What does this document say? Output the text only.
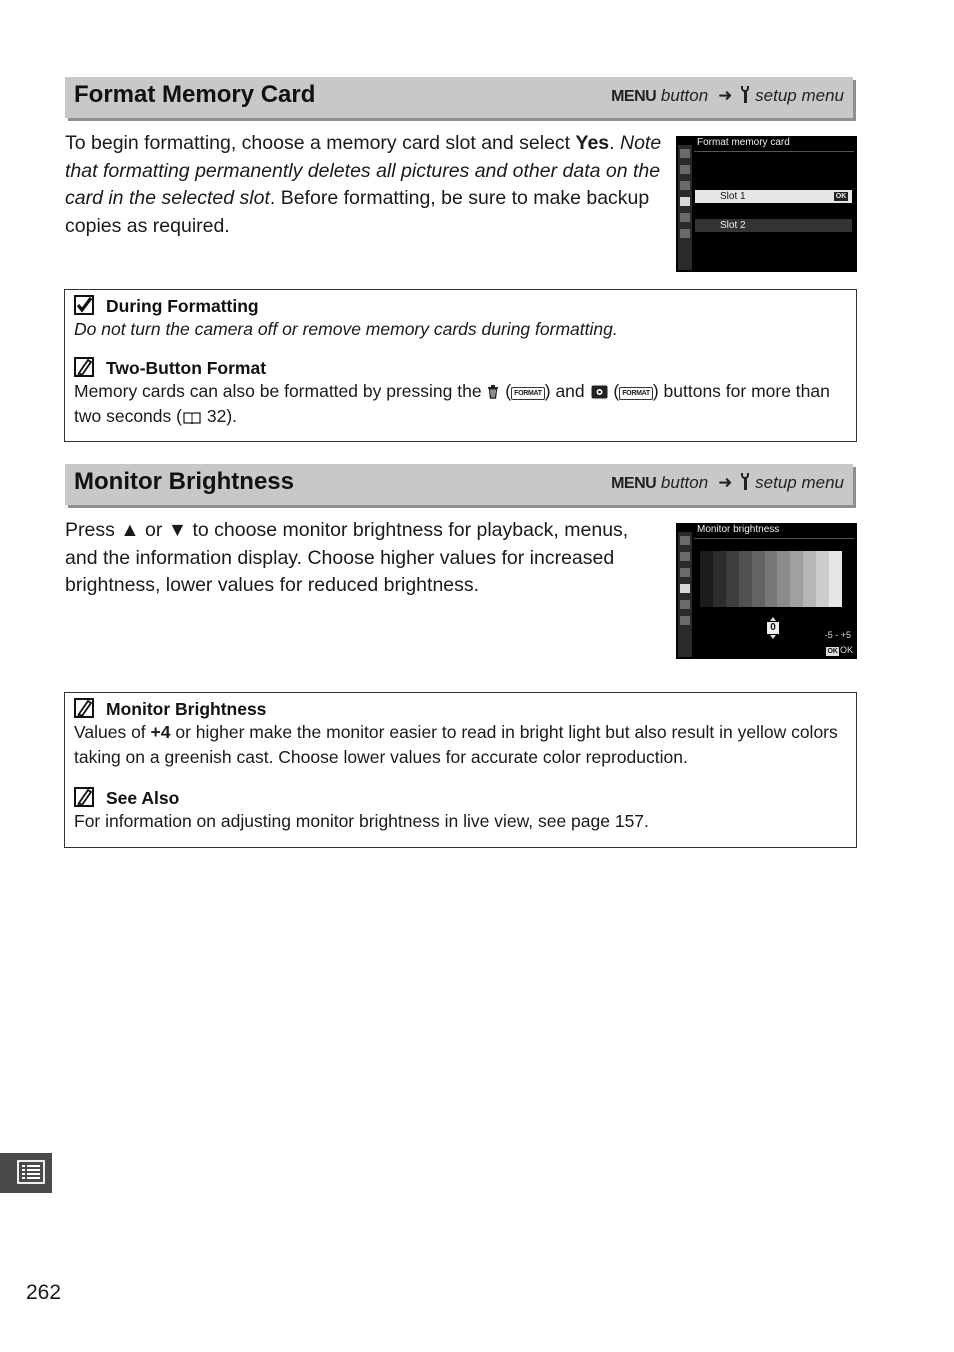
Format Memory Card	MENU button ➜ setup menu
To begin formatting, choose a memory card slot and select Yes. Note that formatting permanently deletes all pictures and other data on the card in the selected slot. Before formatting, be sure to make backup copies as required.
Format memory card
Slot 1	OK
Slot 2
During Formatting
Do not turn the camera off or remove memory cards during formatting.
Two-Button Format
Memory cards can also be formatted by pressing the  ( FORMAT ) and  ( FORMAT ) buttons for more than two seconds ( 32).
Monitor Brightness	MENU button ➜ setup menu
Press ▲ or ▼ to choose monitor brightness for playback, menus, and the information display. Choose higher values for increased brightness, lower values for reduced brightness.
Monitor brightness
0
-5 - +5
OK OK
Monitor Brightness
Values of +4 or higher make the monitor easier to read in bright light but also result in yellow colors taking on a greenish cast. Choose lower values for accurate color reproduction.
See Also
For information on adjusting monitor brightness in live view, see page 157.
262
